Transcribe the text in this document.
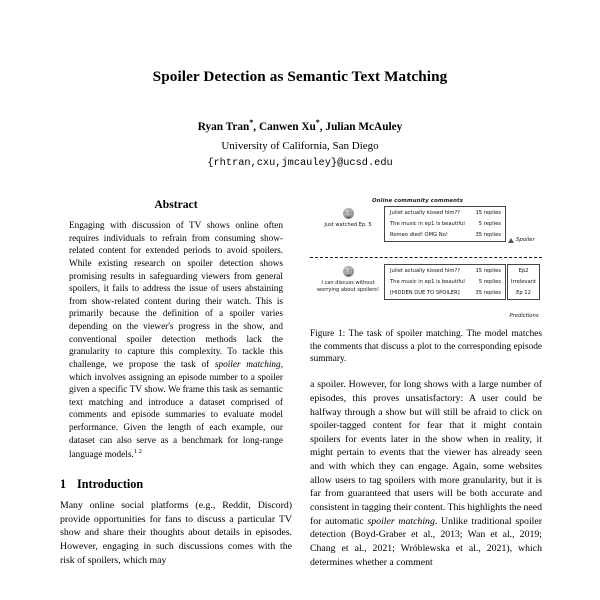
Spoiler Detection as Semantic Text Matching
Ryan Tran*, Canwen Xu*, Julian McAuley
University of California, San Diego
{rhtran,cxu,jmcauley}@ucsd.edu
Abstract

Engaging with discussion of TV shows online often requires individuals to refrain from consuming show-related content for extended periods to avoid spoilers. While existing research on spoiler detection shows promising results in safeguarding viewers from general spoilers, it fails to address the issue of users abstaining from show-related content during their watch. This is primarily because the definition of a spoiler varies depending on the viewer's progress in the show, and conventional spoiler detection methods lack the granularity to capture this complexity. To tackle this challenge, we propose the task of spoiler matching, which involves assigning an episode number to a spoiler given a specific TV show. We frame this task as semantic text matching and introduce a dataset comprised of comments and episode summaries to evaluate model performance. Given the length of each example, our dataset can also serve as a benchmark for long-range language models.$^{1 2}$

1 Introduction

Many online social platforms (e.g., Reddit, Discord) provide opportunities for fans to discuss a particular TV show and share their thoughts about details in episodes. However, engaging in such discussions comes with the risk of spoilers, which may

Online community comments
Just watched Ep. 5
Juliet actually kissed him??	15 replies
The music in ep1 is beautiful	5 replies
Romeo died! OMG No!	35 replies
Spoiler
I can discuss without worrying about spoilers!
Juliet actually kissed him??	15 replies
The music in ep1 is beautiful	5 replies
[HIDDEN DUE TO SPOILER]	35 replies
Ep2
Irrelevant
Ep 12
Predictions
Figure 1: The task of spoiler matching. The model matches the comments that discuss a plot to the corresponding episode summary.

a spoiler. However, for long shows with a large number of episodes, this proves unsatisfactory: A user could be halfway through a show but will still be afraid to click on spoiler-tagged content for fear that it might contain spoilers for events later in the show when in reality, it might pertain to events that the viewer has already seen and with which they can engage. Again, some websites allow users to tag spoilers with more granularity, but it is far from guaranteed that users will be both accurate and consistent in tagging their content. This highlights the need for automatic spoiler matching. Unlike traditional spoiler detection (Boyd-Graber et al., 2013; Wan et al., 2019; Chang et al., 2021; Wróblewska et al., 2021), which determines whether a comment
